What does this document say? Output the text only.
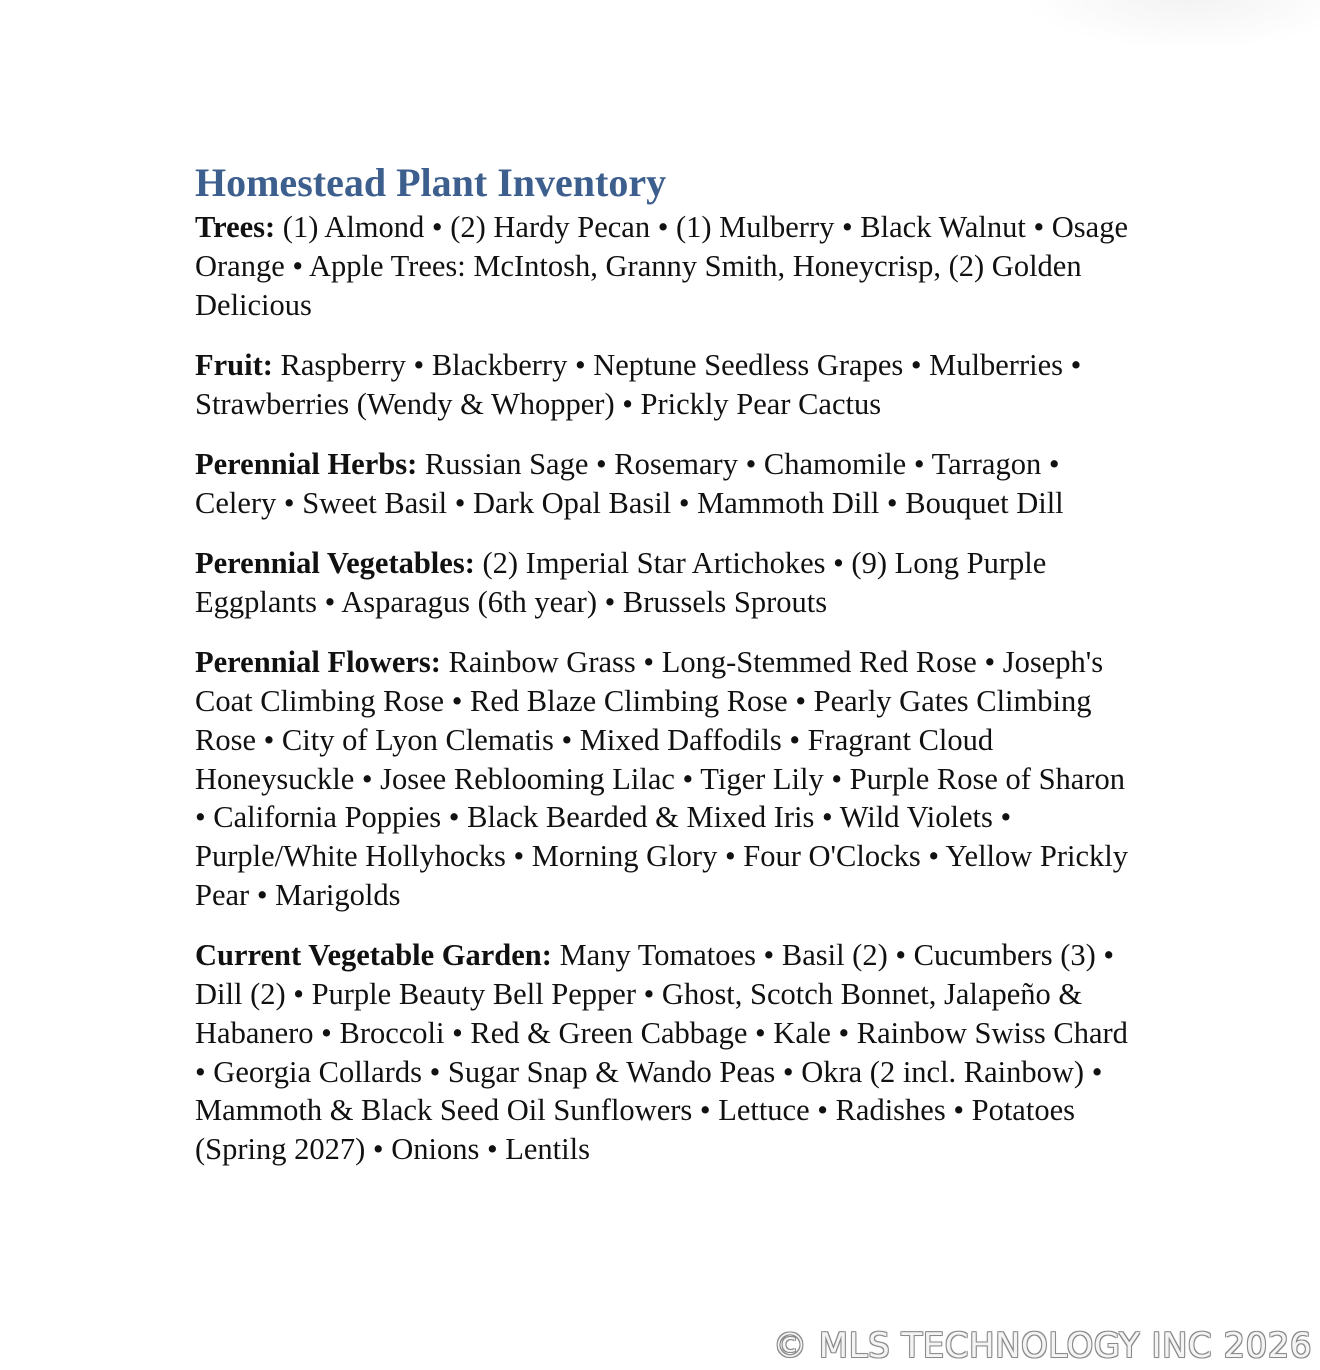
Homestead Plant Inventory

Trees: (1) Almond • (2) Hardy Pecan • (1) Mulberry • Black Walnut • Osage Orange • Apple Trees: McIntosh, Granny Smith, Honeycrisp, (2) Golden Delicious

Fruit: Raspberry • Blackberry • Neptune Seedless Grapes • Mulberries • Strawberries (Wendy & Whopper) • Prickly Pear Cactus

Perennial Herbs: Russian Sage • Rosemary • Chamomile • Tarragon • Celery • Sweet Basil • Dark Opal Basil • Mammoth Dill • Bouquet Dill

Perennial Vegetables: (2) Imperial Star Artichokes • (9) Long Purple Eggplants • Asparagus (6th year) • Brussels Sprouts

Perennial Flowers: Rainbow Grass • Long-Stemmed Red Rose • Joseph's Coat Climbing Rose • Red Blaze Climbing Rose • Pearly Gates Climbing Rose • City of Lyon Clematis • Mixed Daffodils • Fragrant Cloud Honeysuckle • Josee Reblooming Lilac • Tiger Lily • Purple Rose of Sharon • California Poppies • Black Bearded & Mixed Iris • Wild Violets • Purple/White Hollyhocks • Morning Glory • Four O'Clocks • Yellow Prickly Pear • Marigolds

Current Vegetable Garden: Many Tomatoes • Basil (2) • Cucumbers (3) • Dill (2) • Purple Beauty Bell Pepper • Ghost, Scotch Bonnet, Jalapeño & Habanero • Broccoli • Red & Green Cabbage • Kale • Rainbow Swiss Chard • Georgia Collards • Sugar Snap & Wando Peas • Okra (2 incl. Rainbow) • Mammoth & Black Seed Oil Sunflowers • Lettuce • Radishes • Potatoes (Spring 2027) • Onions • Lentils

© MLS TECHNOLOGY INC 2026
